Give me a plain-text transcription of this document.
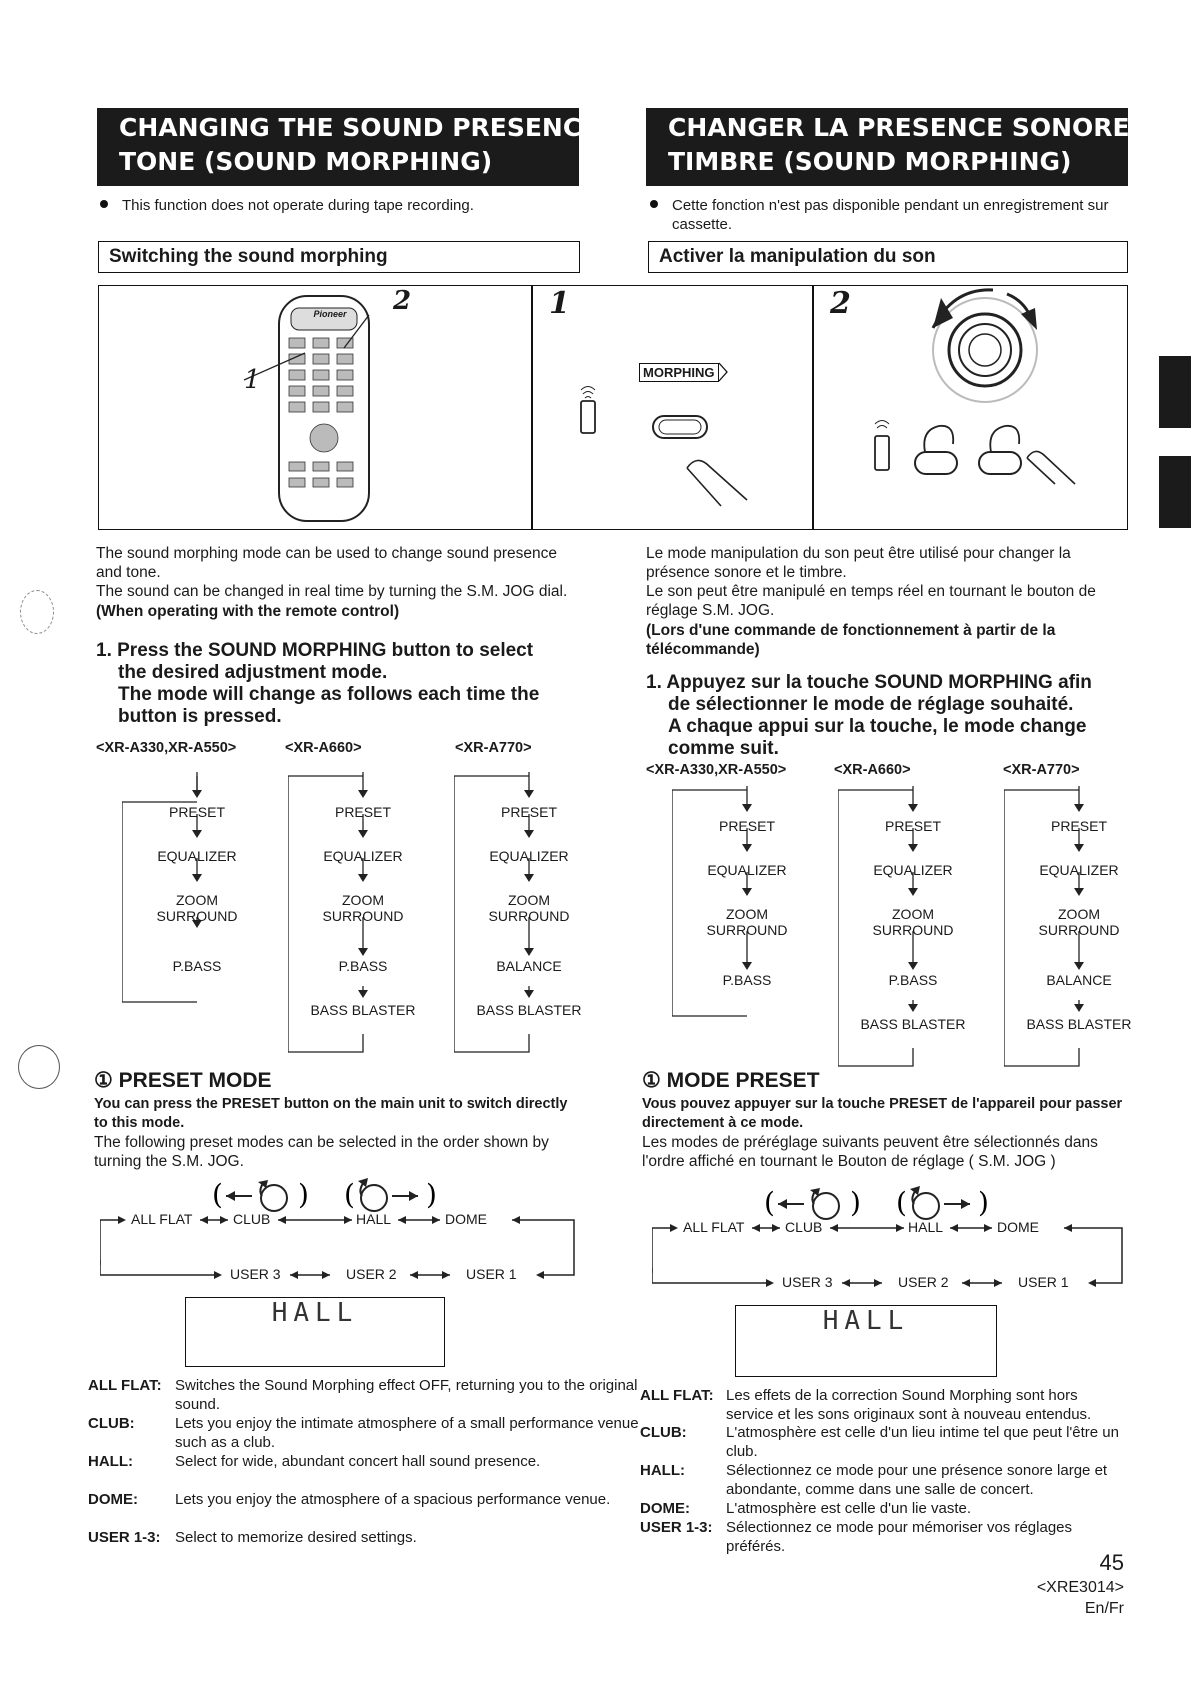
CHANGING THE SOUND PRESENCE/
TONE (SOUND MORPHING)
This function does not operate during tape recording.
Switching the sound morphing
CHANGER LA PRESENCE SONORE/LE
TIMBRE (SOUND MORPHING)
Cette fonction n'est pas disponible pendant un enregistrement sur cassette.
Activer la manipulation du son
Pioneer
1
2	1
MORPHING
2
The sound morphing mode can be used to change sound presence and tone.
The sound can be changed in real time by turning the S.M. JOG dial.
(When operating with the remote control)
1. Press the SOUND MORPHING button to select
the desired adjustment mode.
The mode will change as follows each time the
button is pressed.
<XR-A330,XR-A550>	<XR-A660>	<XR-A770>
PRESET
EQUALIZER
ZOOM SURROUND
P.BASS
PRESET
EQUALIZER
ZOOM SURROUND
P.BASS
BASS BLASTER
PRESET
EQUALIZER
ZOOM SURROUND
BALANCE
BASS BLASTER
① PRESET MODE
You can press the PRESET button on the main unit to switch directly to this mode.
The following preset modes can be selected in the order shown by turning the S.M. JOG.
(	) (	)
ALL FLAT	CLUB	HALL	DOME
USER 3	USER 2	USER 1
HALL
ALL FLAT: Switches the Sound Morphing effect OFF, returning you to the original sound.
CLUB:	Lets you enjoy the intimate atmosphere of a small performance venue such as a club.
HALL:	Select for wide, abundant concert hall sound presence.
DOME: Lets you enjoy the atmosphere of a spacious performance venue.
USER 1-3: Select to memorize desired settings.
Le mode manipulation du son peut être utilisé pour changer la présence sonore et le timbre.
Le son peut être manipulé en temps réel en tournant le bouton de réglage S.M. JOG.
(Lors d'une commande de fonctionnement à partir de la télécommande)
1. Appuyez sur la touche SOUND MORPHING afin
de sélectionner le mode de réglage souhaité.
A chaque appui sur la touche, le mode change
comme suit.
<XR-A330,XR-A550>	<XR-A660>	<XR-A770>
PRESET
EQUALIZER
ZOOM SURROUND
P.BASS
PRESET
EQUALIZER
ZOOM SURROUND
P.BASS
BASS BLASTER
PRESET
EQUALIZER
ZOOM SURROUND
BALANCE
BASS BLASTER
① MODE PRESET
Vous pouvez appuyer sur la touche PRESET de l'appareil pour passer directement à ce mode.
Les modes de préréglage suivants peuvent être sélectionnés dans l'ordre affiché en tournant le Bouton de réglage ( S.M. JOG )
(	) (	)
ALL FLAT	CLUB	HALL	DOME
USER 3	USER 2	USER 1
HALL
ALL FLAT: Les effets de la correction Sound Morphing sont hors service et les sons originaux sont à nouveau entendus.
CLUB:	L'atmosphère est celle d'un lieu intime tel que peut l'être un club.
HALL:	Sélectionnez ce mode pour une présence sonore large et abondante, comme dans une salle de concert.
DOME: L'atmosphère est celle d'un lie vaste.
USER 1-3: Sélectionnez ce mode pour mémoriser vos réglages préférés.
45
<XRE3014>
En/Fr
